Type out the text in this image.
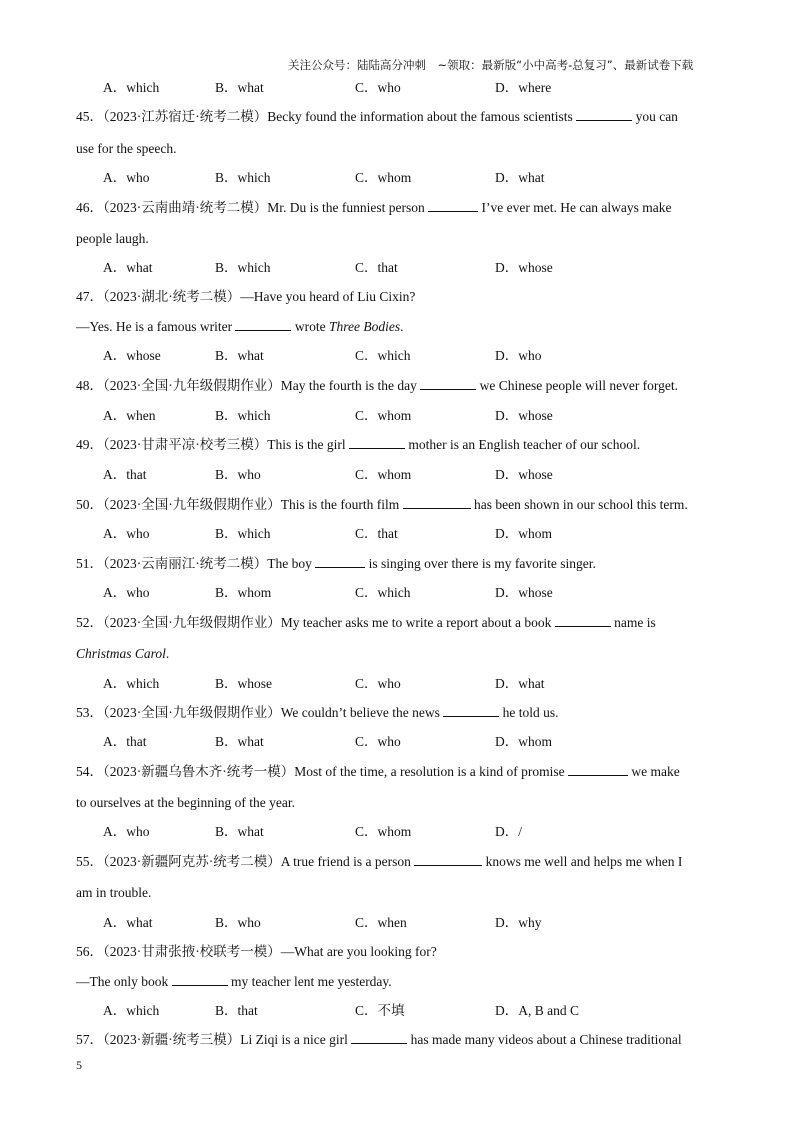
关注公众号：陆陆高分冲刺　~领取：最新版“小中高考-总复习”、最新试卷下载
A．which	B．what	C．who	D．where
45．（2023·江苏宿迁·统考二模）Becky found the information about the famous scientists	you can
use for the speech.
A．who	B．which	C．whom	D．what
46．（2023·云南曲靖·统考二模）Mr. Du is the funniest person	I’ve ever met. He can always make
people laugh.
A．what	B．which	C．that	D．whose
47．（2023·湖北·统考二模）—Have you heard of Liu Cixin?
—Yes. He is a famous writer	wrote Three Bodies.
A．whose	B．what	C．which	D．who
48．（2023·全国·九年级假期作业）May the fourth is the day	we Chinese people will never forget.
A．when	B．which	C．whom	D．whose
49．（2023·甘肃平凉·校考三模）This is the girl	mother is an English teacher of our school.
A．that	B．who	C．whom	D．whose
50．（2023·全国·九年级假期作业）This is the fourth film	has been shown in our school this term.
A．who	B．which	C．that	D．whom
51．（2023·云南丽江·统考二模）The boy	is singing over there is my favorite singer.
A．who	B．whom	C．which	D．whose
52．（2023·全国·九年级假期作业）My teacher asks me to write a report about a book	name is
Christmas Carol.
A．which	B．whose	C．who	D．what
53．（2023·全国·九年级假期作业）We couldn’t believe the news	he told us.
A．that	B．what	C．who	D．whom
54．（2023·新疆乌鲁木齐·统考一模）Most of the time, a resolution is a kind of promise	we make
to ourselves at the beginning of the year.
A．who	B．what	C．whom	D．/
55．（2023·新疆阿克苏·统考二模）A true friend is a person	knows me well and helps me when I
am in trouble.
A．what	B．who	C．when	D．why
56．（2023·甘肃张掖·校联考一模）—What are you looking for?
—The only book	my teacher lent me yesterday.
A．which	B．that	C．不填	D．A, B and C
57．（2023·新疆·统考三模）Li Ziqi is a nice girl	has made many videos about a Chinese traditional
5
